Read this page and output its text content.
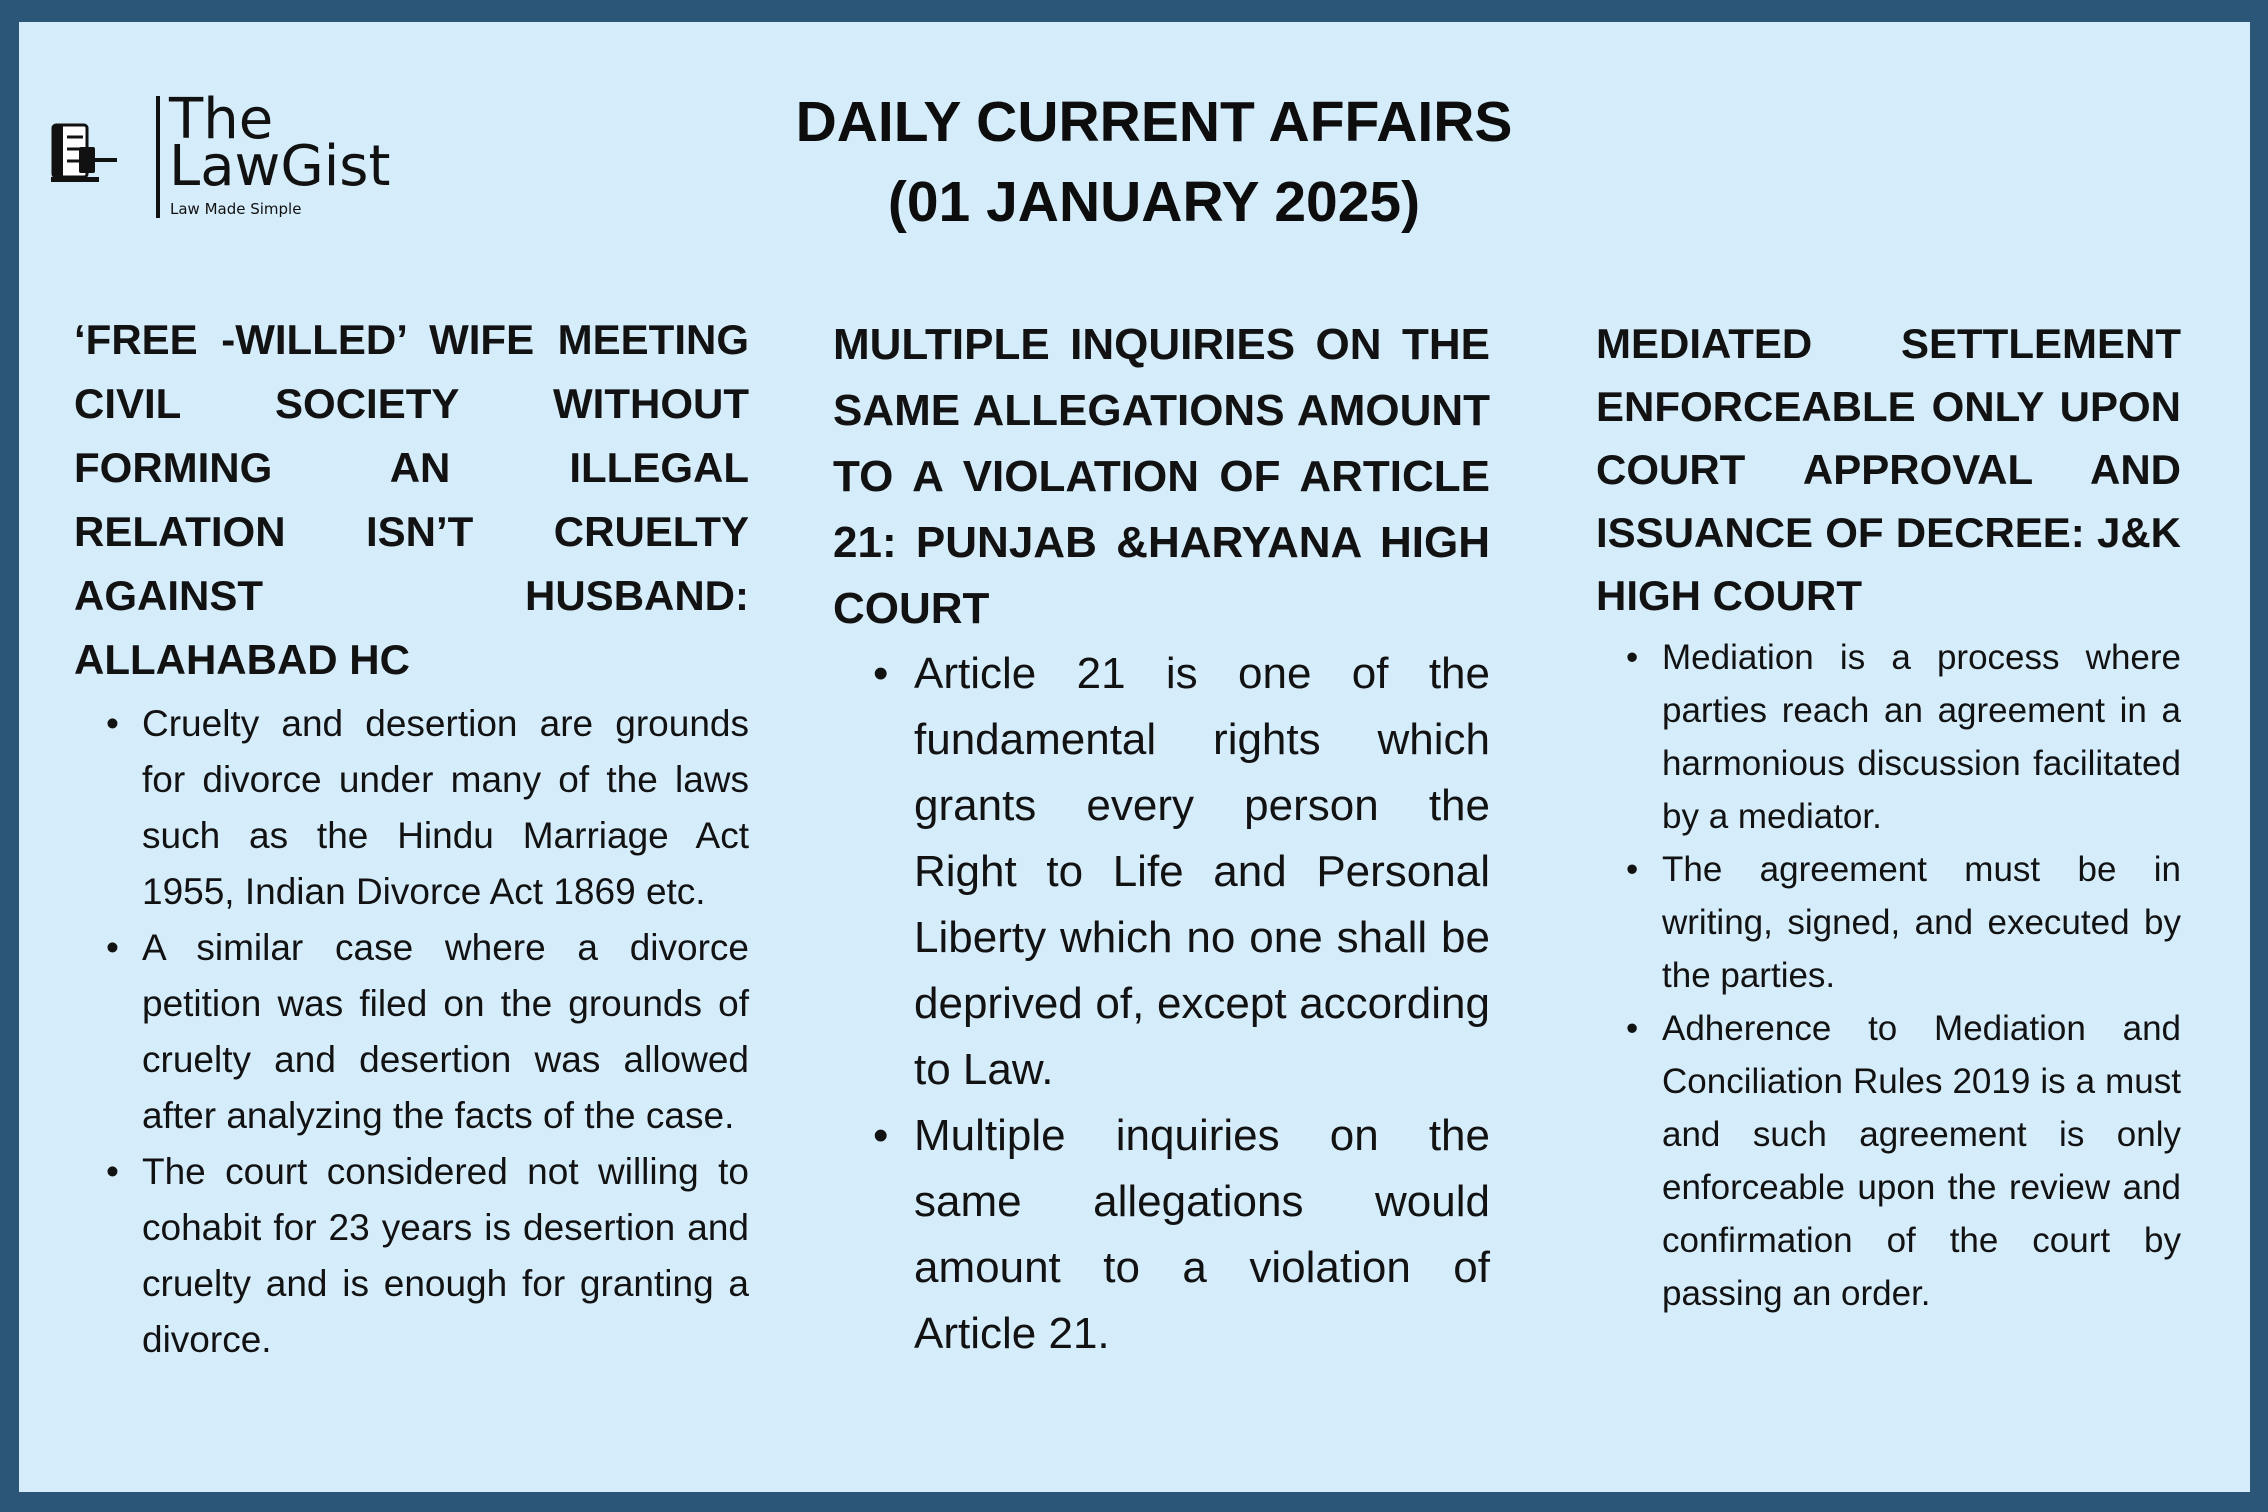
The
LawGist
Law Made Simple
DAILY CURRENT AFFAIRS
(01 JANUARY 2025)
‘FREE -WILLED’ WIFE MEETING CIVIL SOCIETY WITHOUT FORMING AN ILLEGAL RELATION ISN’T CRUELTY AGAINST HUSBAND: ALLAHABAD HC
• Cruelty and desertion are grounds for divorce under many of the laws such as the Hindu Marriage Act 1955, Indian Divorce Act 1869 etc.
• A similar case where a divorce petition was filed on the grounds of cruelty and desertion was allowed after analyzing the facts of the case.
• The court considered not willing to cohabit for 23 years is desertion and cruelty and is enough for granting a divorce.
MULTIPLE INQUIRIES ON THE SAME ALLEGATIONS AMOUNT TO A VIOLATION OF ARTICLE 21: PUNJAB &HARYANA HIGH COURT
• Article 21 is one of the fundamental rights which grants every person the Right to Life and Personal Liberty which no one shall be deprived of, except according to Law.
• Multiple inquiries on the same allegations would amount to a violation of Article 21.
MEDIATED SETTLEMENT ENFORCEABLE ONLY UPON COURT APPROVAL AND ISSUANCE OF DECREE: J&K HIGH COURT
• Mediation is a process where parties reach an agreement in a harmonious discussion facilitated by a mediator.
• The agreement must be in writing, signed, and executed by the parties.
• Adherence to Mediation and Conciliation Rules 2019 is a must and such agreement is only enforceable upon the review and confirmation of the court by passing an order.
